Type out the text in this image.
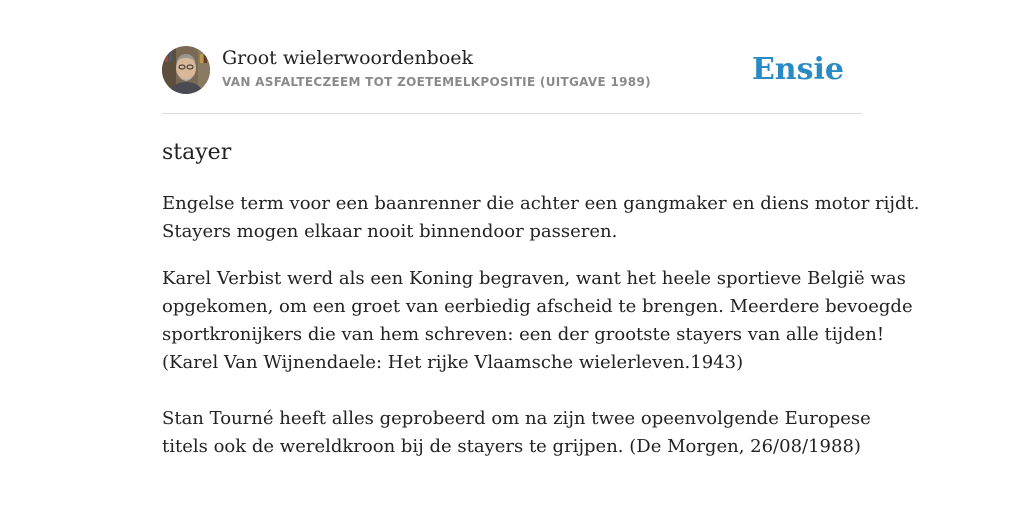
Groot wielerwoordenboek
VAN ASFALTECZEEM TOT ZOETEMELKPOSITIE (UITGAVE 1989)	Ensie
stayer

Engelse term voor een baanrenner die achter een gangmaker en diens motor rijdt.
Stayers mogen elkaar nooit binnendoor passeren.

Karel Verbist werd als een Koning begraven, want het heele sportieve België was
opgekomen, om een groet van eerbiedig afscheid te brengen. Meerdere bevoegde
sportkronijkers die van hem schreven: een der grootste stayers van alle tijden!
(Karel Van Wijnendaele: Het rijke Vlaamsche wielerleven.1943)

Stan Tourné heeft alles geprobeerd om na zijn twee opeenvolgende Europese
titels ook de wereldkroon bij de stayers te grijpen. (De Morgen, 26/08/1988)
